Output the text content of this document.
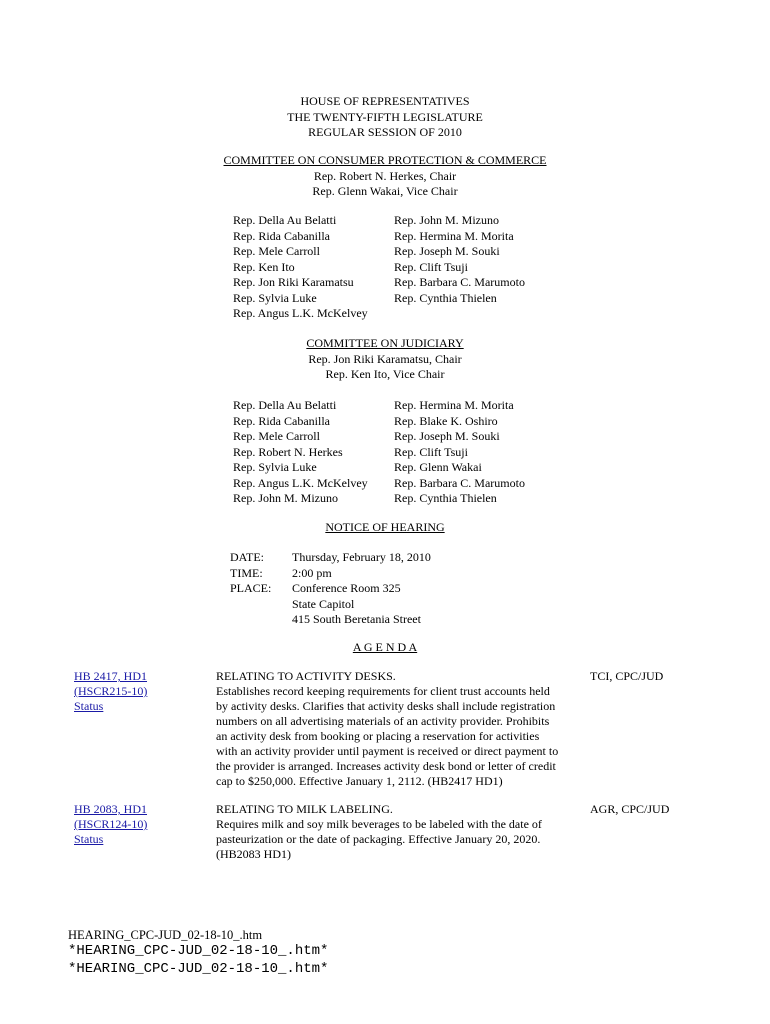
HOUSE OF REPRESENTATIVES
THE TWENTY-FIFTH LEGISLATURE
REGULAR SESSION OF 2010
COMMITTEE ON CONSUMER PROTECTION & COMMERCE
Rep. Robert N. Herkes, Chair
Rep. Glenn Wakai, Vice Chair
Rep. Della Au Belatti
Rep. Rida Cabanilla
Rep. Mele Carroll
Rep. Ken Ito
Rep. Jon Riki Karamatsu
Rep. Sylvia Luke
Rep. Angus L.K. McKelvey
Rep. John M. Mizuno
Rep. Hermina M. Morita
Rep. Joseph M. Souki
Rep. Clift Tsuji
Rep. Barbara C. Marumoto
Rep. Cynthia Thielen
COMMITTEE ON JUDICIARY
Rep. Jon Riki Karamatsu, Chair
Rep. Ken Ito, Vice Chair
Rep. Della Au Belatti
Rep. Rida Cabanilla
Rep. Mele Carroll
Rep. Robert N. Herkes
Rep. Sylvia Luke
Rep. Angus L.K. McKelvey
Rep. John M. Mizuno
Rep. Hermina M. Morita
Rep. Blake K. Oshiro
Rep. Joseph M. Souki
Rep. Clift Tsuji
Rep. Glenn Wakai
Rep. Barbara C. Marumoto
Rep. Cynthia Thielen
NOTICE OF HEARING
DATE:
TIME:
PLACE:
Thursday, February 18, 2010
2:00 pm
Conference Room 325
State Capitol
415 South Beretania Street
A G E N D A
HB 2417, HD1
(HSCR215-10)
Status
RELATING TO ACTIVITY DESKS.
Establishes record keeping requirements for client trust accounts held
by activity desks. Clarifies that activity desks shall include registration
numbers on all advertising materials of an activity provider. Prohibits
an activity desk from booking or placing a reservation for activities
with an activity provider until payment is received or direct payment to
the provider is arranged. Increases activity desk bond or letter of credit
cap to $250,000. Effective January 1, 2112. (HB2417 HD1)
TCI, CPC/JUD
HB 2083, HD1
(HSCR124-10)
Status
RELATING TO MILK LABELING.
Requires milk and soy milk beverages to be labeled with the date of
pasteurization or the date of packaging. Effective January 20, 2020.
(HB2083 HD1)
AGR, CPC/JUD
HEARING_CPC-JUD_02-18-10_.htm
*HEARING_CPC-JUD_02-18-10_.htm*
*HEARING_CPC-JUD_02-18-10_.htm*
